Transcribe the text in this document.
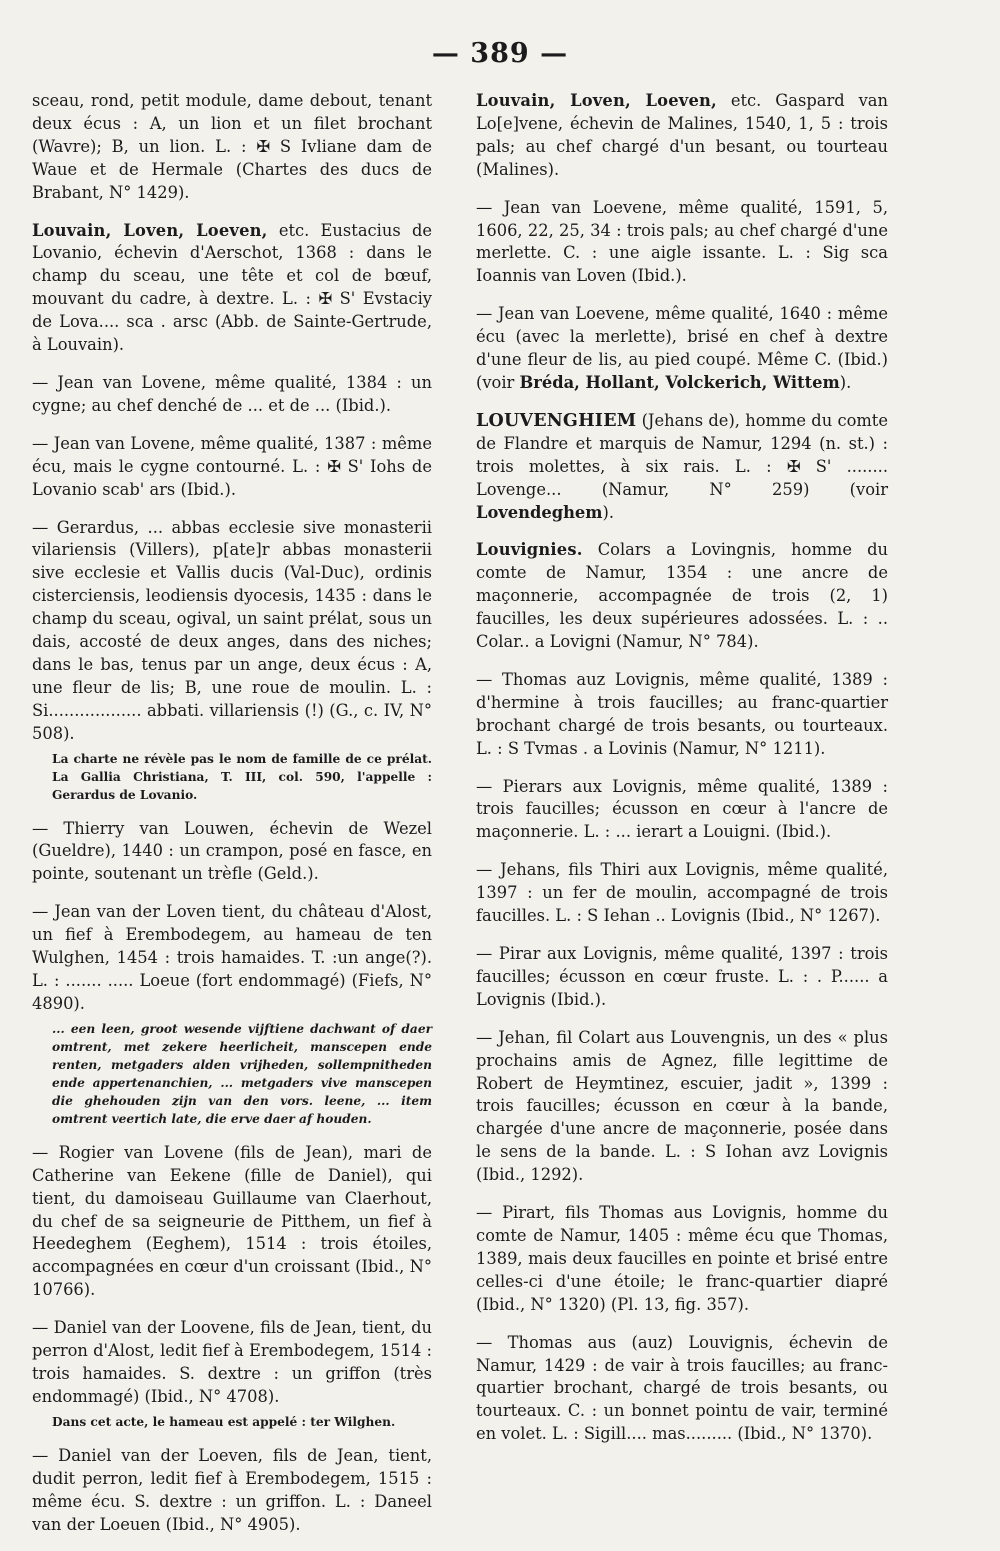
— 389 —

sceau, rond, petit module, dame debout, tenant deux écus : A, un lion et un filet brochant (Wavre); B, un lion. L. : ✠ S Ivliane dam de Waue et de Hermale (Chartes des ducs de Brabant, N° 1429).

Louvain, Loven, Loeven, etc. Eustacius de Lovanio, échevin d'Aerschot, 1368 : dans le champ du sceau, une tête et col de bœuf, mouvant du cadre, à dextre. L. : ✠ S' Evstaciy de Lova.... sca . arsc (Abb. de Sainte-Gertrude, à Louvain).

— Jean van Lovene, même qualité, 1384 : un cygne; au chef denché de ... et de ... (Ibid.).

— Jean van Lovene, même qualité, 1387 : même écu, mais le cygne contourné. L. : ✠ S' Iohs de Lovanio scab' ars (Ibid.).

— Gerardus, ... abbas ecclesie sive monasterii vilariensis (Villers), p[ate]r abbas monasterii sive ecclesie et Vallis ducis (Val-Duc), ordinis cisterciensis, leodiensis dyocesis, 1435 : dans le champ du sceau, ogival, un saint prélat, sous un dais, accosté de deux anges, dans des niches; dans le bas, tenus par un ange, deux écus : A, une fleur de lis; B, une roue de moulin. L. : Si.................. abbati. villariensis (!) (G., c. IV, N° 508).

La charte ne révèle pas le nom de famille de ce prélat. La Gallia Christiana, T. III, col. 590, l'appelle : Gerardus de Lovanio.

— Thierry van Louwen, échevin de Wezel (Gueldre), 1440 : un crampon, posé en fasce, en pointe, soutenant un trèfle (Geld.).

— Jean van der Loven tient, du château d'Alost, un fief à Erembodegem, au hameau de ten Wulghen, 1454 : trois hamaides. T. :un ange(?). L. : ....... ..... Loeue (fort endommagé) (Fiefs, N° 4890).

... een leen, groot wesende vijftiene dachwant of daer omtrent, met zekere heerlicheit, manscepen ende renten, metgaders alden vrijheden, sollempnitheden ende appertenanchien, ... metgaders vive manscepen die ghehouden zijn van den vors. leene, ... item omtrent veertich late, die erve daer af houden.

— Rogier van Lovene (fils de Jean), mari de Catherine van Eekene (fille de Daniel), qui tient, du damoiseau Guillaume van Claerhout, du chef de sa seigneurie de Pitthem, un fief à Heedeghem (Eeghem), 1514 : trois étoiles, accompagnées en cœur d'un croissant (Ibid., N° 10766).

— Daniel van der Loovene, fils de Jean, tient, du perron d'Alost, ledit fief à Erembodegem, 1514 : trois hamaides. S. dextre : un griffon (très endommagé) (Ibid., N° 4708).

Dans cet acte, le hameau est appelé : ter Wilghen.

— Daniel van der Loeven, fils de Jean, tient, dudit perron, ledit fief à Erembodegem, 1515 : même écu. S. dextre : un griffon. L. : Daneel van der Loeuen (Ibid., N° 4905).

Louvain, Loven, Loeven, etc. Gaspard van Lo[e]vene, échevin de Malines, 1540, 1, 5 : trois pals; au chef chargé d'un besant, ou tourteau (Malines).

— Jean van Loevene, même qualité, 1591, 5, 1606, 22, 25, 34 : trois pals; au chef chargé d'une merlette. C. : une aigle issante. L. : Sig sca Ioannis van Loven (Ibid.).

— Jean van Loevene, même qualité, 1640 : même écu (avec la merlette), brisé en chef à dextre d'une fleur de lis, au pied coupé. Même C. (Ibid.) (voir Bréda, Hollant, Volckerich, Wittem).

LOUVENGHIEM (Jehans de), homme du comte de Flandre et marquis de Namur, 1294 (n. st.) : trois molettes, à six rais. L. : ✠ S' ........ Lovenge... (Namur, N° 259) (voir Lovendeghem).

Louvignies. Colars a Lovingnis, homme du comte de Namur, 1354 : une ancre de maçonnerie, accompagnée de trois (2, 1) faucilles, les deux supérieures adossées. L. : .. Colar.. a Lovigni (Namur, N° 784).

— Thomas auz Lovignis, même qualité, 1389 : d'hermine à trois faucilles; au franc-quartier brochant chargé de trois besants, ou tourteaux. L. : S Tvmas . a Lovinis (Namur, N° 1211).

— Pierars aux Lovignis, même qualité, 1389 : trois faucilles; écusson en cœur à l'ancre de maçonnerie. L. : ... ierart a Louigni. (Ibid.).

— Jehans, fils Thiri aux Lovignis, même qualité, 1397 : un fer de moulin, accompagné de trois faucilles. L. : S Iehan .. Lovignis (Ibid., N° 1267).

— Pirar aux Lovignis, même qualité, 1397 : trois faucilles; écusson en cœur fruste. L. : . P...... a Lovignis (Ibid.).

— Jehan, fil Colart aus Louvengnis, un des « plus prochains amis de Agnez, fille legittime de Robert de Heymtinez, escuier, jadit », 1399 : trois faucilles; écusson en cœur à la bande, chargée d'une ancre de maçonnerie, posée dans le sens de la bande. L. : S Iohan avz Lovignis (Ibid., 1292).

— Pirart, fils Thomas aus Lovignis, homme du comte de Namur, 1405 : même écu que Thomas, 1389, mais deux faucilles en pointe et brisé entre celles-ci d'une étoile; le franc-quartier diapré (Ibid., N° 1320) (Pl. 13, fig. 357).

— Thomas aus (auz) Louvignis, échevin de Namur, 1429 : de vair à trois faucilles; au franc-quartier brochant, chargé de trois besants, ou tourteaux. C. : un bonnet pointu de vair, terminé en volet. L. : Sigill.... mas......... (Ibid., N° 1370).
